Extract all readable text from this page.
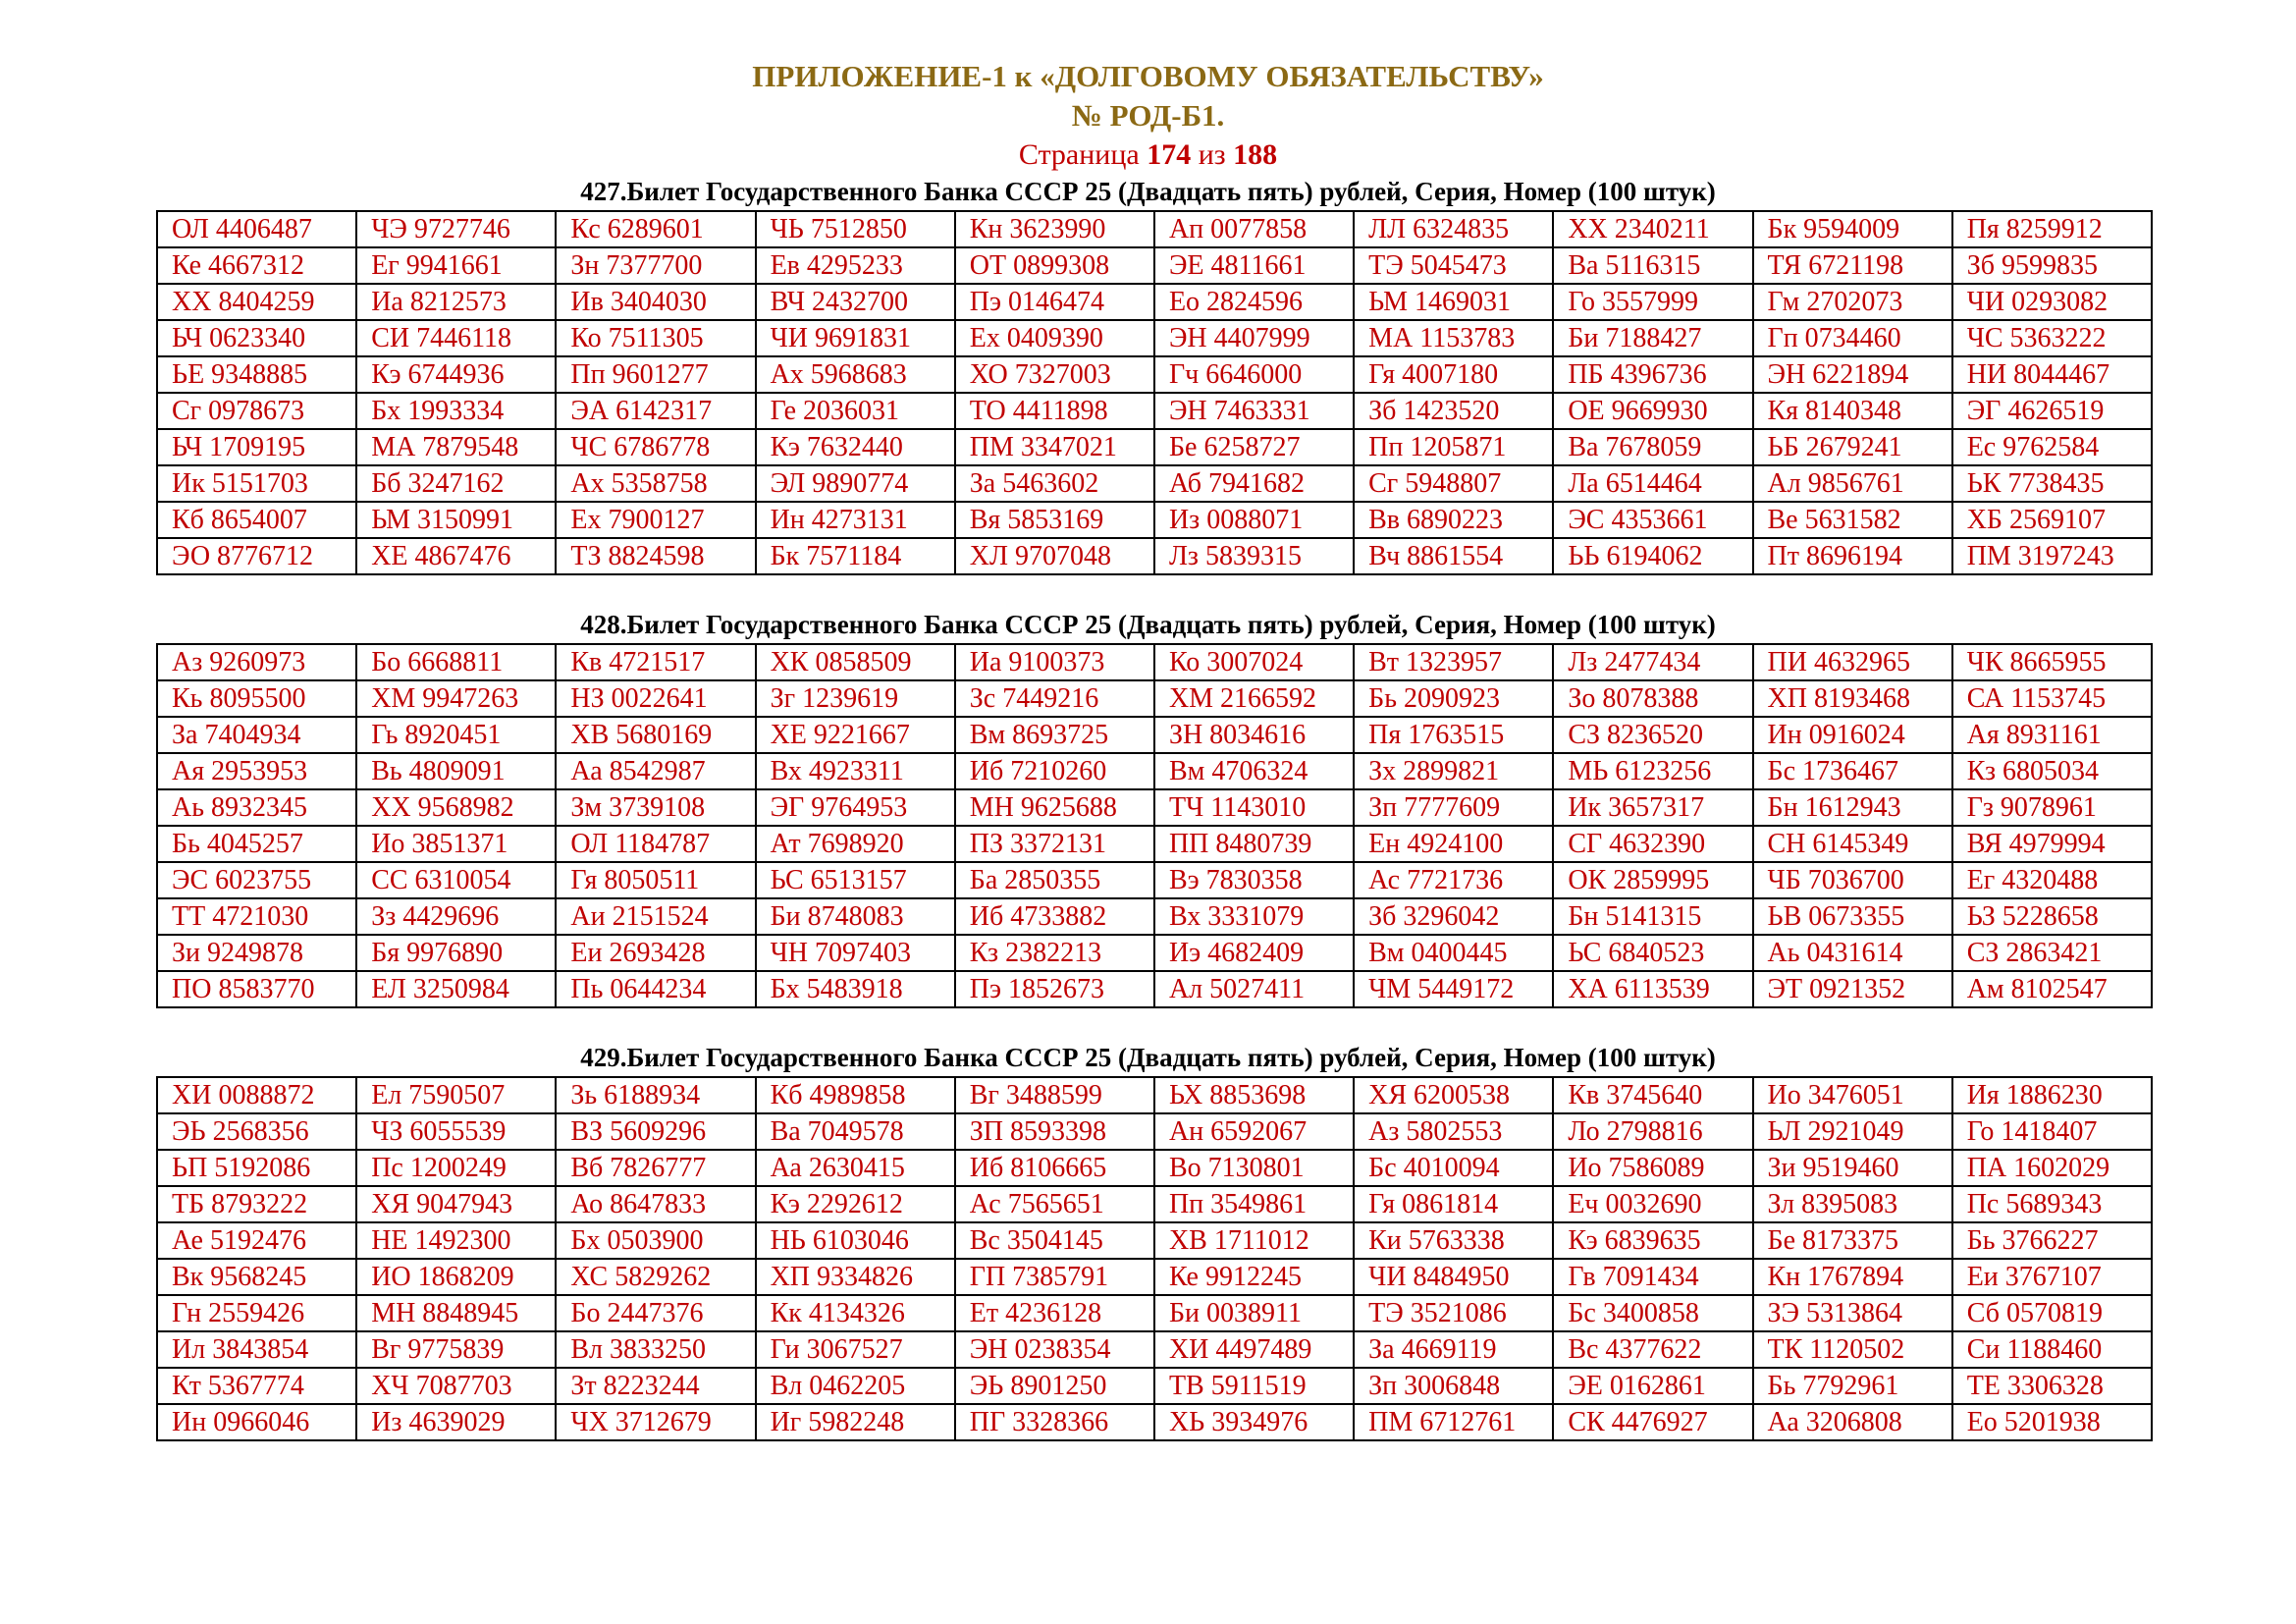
ПРИЛОЖЕНИЕ-1 к «ДОЛГОВОМУ ОБЯЗАТЕЛЬСТВУ»
№ РОД-Б1.
Страница 174 из 188
427.Билет Государственного Банка СССР 25 (Двадцать пять) рублей, Серия, Номер (100 штук)
ОЛ 4406487	ЧЭ 9727746	Кс 6289601	ЧЬ 7512850	Кн 3623990	Ап 0077858	ЛЛ 6324835	ХХ 2340211	Бк 9594009	Пя 8259912
Ке 4667312	Ег 9941661	Зн 7377700	Ев 4295233	ОТ 0899308	ЭЕ 4811661	ТЭ 5045473	Ва 5116315	ТЯ 6721198	Зб 9599835
ХХ 8404259	Иа 8212573	Ив 3404030	ВЧ 2432700	Пэ 0146474	Ео 2824596	ЬМ 1469031	Го 3557999	Гм 2702073	ЧИ 0293082
ЬЧ 0623340	СИ 7446118	Ко 7511305	ЧИ 9691831	Ех 0409390	ЭН 4407999	МА 1153783	Би 7188427	Гп 0734460	ЧС 5363222
ЬЕ 9348885	Кэ 6744936	Пп 9601277	Ах 5968683	ХО 7327003	Гч 6646000	Гя 4007180	ПБ 4396736	ЭН 6221894	НИ 8044467
Сг 0978673	Бх 1993334	ЭА 6142317	Ге 2036031	ТО 4411898	ЭН 7463331	Зб 1423520	ОЕ 9669930	Кя 8140348	ЭГ 4626519
ЬЧ 1709195	МА 7879548	ЧС 6786778	Кэ 7632440	ПМ 3347021	Бе 6258727	Пп 1205871	Ва 7678059	ЬБ 2679241	Ес 9762584
Ик 5151703	Бб 3247162	Ах 5358758	ЭЛ 9890774	За 5463602	Аб 7941682	Сг 5948807	Ла 6514464	Ал 9856761	ЬК 7738435
Кб 8654007	ЬМ 3150991	Ех 7900127	Ин 4273131	Вя 5853169	Из 0088071	Вв 6890223	ЭС 4353661	Ве 5631582	ХБ 2569107
ЭО 8776712	ХЕ 4867476	ТЗ 8824598	Бк 7571184	ХЛ 9707048	Лз 5839315	Вч 8861554	ЬЬ 6194062	Пт 8696194	ПМ 3197243
428.Билет Государственного Банка СССР 25 (Двадцать пять) рублей, Серия, Номер (100 штук)
Аз 9260973	Бо 6668811	Кв 4721517	ХК 0858509	Иа 9100373	Ко 3007024	Вт 1323957	Лз 2477434	ПИ 4632965	ЧК 8665955
Кь 8095500	ХМ 9947263	НЗ 0022641	Зг 1239619	Зс 7449216	ХМ 2166592	Бь 2090923	Зо 8078388	ХП 8193468	СА 1153745
За 7404934	Гь 8920451	ХВ 5680169	ХЕ 9221667	Вм 8693725	ЗН 8034616	Пя 1763515	СЗ 8236520	Ин 0916024	Ая 8931161
Ая 2953953	Вь 4809091	Аа 8542987	Вх 4923311	Иб 7210260	Вм 4706324	Зх 2899821	МЬ 6123256	Бс 1736467	Кз 6805034
Аь 8932345	ХХ 9568982	Зм 3739108	ЭГ 9764953	МН 9625688	ТЧ 1143010	Зп 7777609	Ик 3657317	Бн 1612943	Гз 9078961
Бь 4045257	Ио 3851371	ОЛ 1184787	Ат 7698920	ПЗ 3372131	ПП 8480739	Ен 4924100	СГ 4632390	СН 6145349	ВЯ 4979994
ЭС 6023755	СС 6310054	Гя 8050511	ЬС 6513157	Ба 2850355	Вэ 7830358	Ас 7721736	ОК 2859995	ЧБ 7036700	Ег 4320488
ТТ 4721030	Зз 4429696	Аи 2151524	Би 8748083	Иб 4733882	Вх 3331079	Зб 3296042	Бн 5141315	ЬВ 0673355	ЬЗ 5228658
Зи 9249878	Бя 9976890	Еи 2693428	ЧН 7097403	Кз 2382213	Иэ 4682409	Вм 0400445	ЬС 6840523	Аь 0431614	СЗ 2863421
ПО 8583770	ЕЛ 3250984	Пь 0644234	Бх 5483918	Пэ 1852673	Ал 5027411	ЧМ 5449172	ХА 6113539	ЭТ 0921352	Ам 8102547
429.Билет Государственного Банка СССР 25 (Двадцать пять) рублей, Серия, Номер (100 штук)
ХИ 0088872	Ел 7590507	Зь 6188934	Кб 4989858	Вг 3488599	ЬХ 8853698	ХЯ 6200538	Кв 3745640	Ио 3476051	Ия 1886230
ЭЬ 2568356	ЧЗ 6055539	ВЗ 5609296	Ва 7049578	ЗП 8593398	Ан 6592067	Аз 5802553	Ло 2798816	ЬЛ 2921049	Го 1418407
ЬП 5192086	Пс 1200249	Вб 7826777	Аа 2630415	Иб 8106665	Во 7130801	Бс 4010094	Ио 7586089	Зи 9519460	ПА 1602029
ТБ 8793222	ХЯ 9047943	Ао 8647833	Кэ 2292612	Ас 7565651	Пп 3549861	Гя 0861814	Еч 0032690	Зл 8395083	Пс 5689343
Ае 5192476	НЕ 1492300	Бх 0503900	НЬ 6103046	Вс 3504145	ХВ 1711012	Ки 5763338	Кэ 6839635	Бе 8173375	Бь 3766227
Вк 9568245	ИО 1868209	ХС 5829262	ХП 9334826	ГП 7385791	Ке 9912245	ЧИ 8484950	Гв 7091434	Кн 1767894	Еи 3767107
Гн 2559426	МН 8848945	Бо 2447376	Кк 4134326	Ет 4236128	Би 0038911	ТЭ 3521086	Бс 3400858	ЗЭ 5313864	Сб 0570819
Ил 3843854	Вг 9775839	Вл 3833250	Ги 3067527	ЭН 0238354	ХИ 4497489	За 4669119	Вс 4377622	ТК 1120502	Си 1188460
Кт 5367774	ХЧ 7087703	Зт 8223244	Вл 0462205	ЭЬ 8901250	ТВ 5911519	Зп 3006848	ЭЕ 0162861	Бь 7792961	ТЕ 3306328
Ин 0966046	Из 4639029	ЧХ 3712679	Иг 5982248	ПГ 3328366	ХЬ 3934976	ПМ 6712761	СК 4476927	Аа 3206808	Ео 5201938
